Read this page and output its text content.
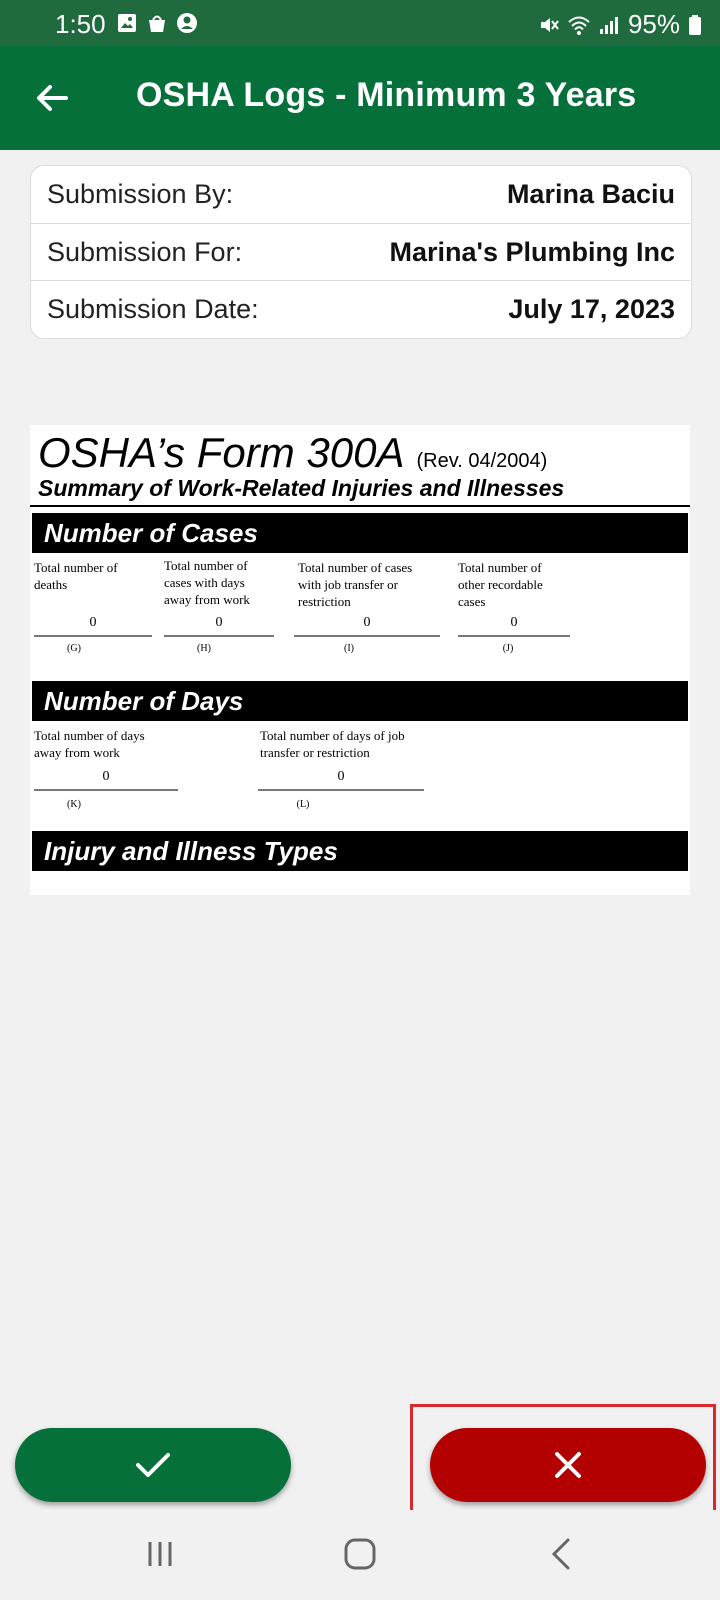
1:50	95%
OSHA Logs - Minimum 3 Years
Submission By:	Marina Baciu
Submission For:	Marina's Plumbing Inc
Submission Date:	July 17, 2023
OSHA’s Form 300A (Rev. 04/2004)
Summary of Work-Related Injuries and Illnesses
Number of Cases
Total number of deaths
0
(G)
Total number of cases with days away from work
0
(H)
Total number of cases with job transfer or restriction
0
(I)
Total number of other recordable cases
0
(J)
Number of Days
Total number of days away from work
0
(K)
Total number of days of job transfer or restriction
0
(L)
Injury and Illness Types
